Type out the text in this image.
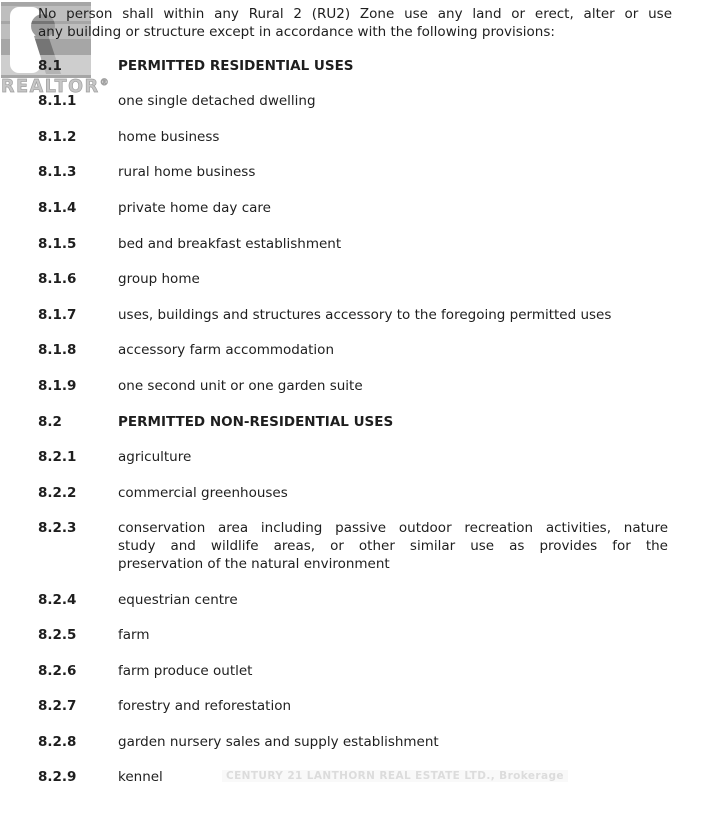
REALTOR®
CENTURY 21 LANTHORN REAL ESTATE LTD., Brokerage
No person shall within any Rural 2 (RU2) Zone use any land or erect, alter or use
any building or structure except in accordance with the following provisions:
8.1	PERMITTED RESIDENTIAL USES
8.1.1	one single detached dwelling
8.1.2	home business
8.1.3	rural home business
8.1.4	private home day care
8.1.5	bed and breakfast establishment
8.1.6	group home
8.1.7	uses, buildings and structures accessory to the foregoing permitted uses
8.1.8	accessory farm accommodation
8.1.9	one second unit or one garden suite
8.2	PERMITTED NON-RESIDENTIAL USES
8.2.1	agriculture
8.2.2	commercial greenhouses
8.2.3	conservation area including passive outdoor recreation activities, nature
study and wildlife areas, or other similar use as provides for the
preservation of the natural environment
8.2.4	equestrian centre
8.2.5	farm
8.2.6	farm produce outlet
8.2.7	forestry and reforestation
8.2.8	garden nursery sales and supply establishment
8.2.9	kennel
